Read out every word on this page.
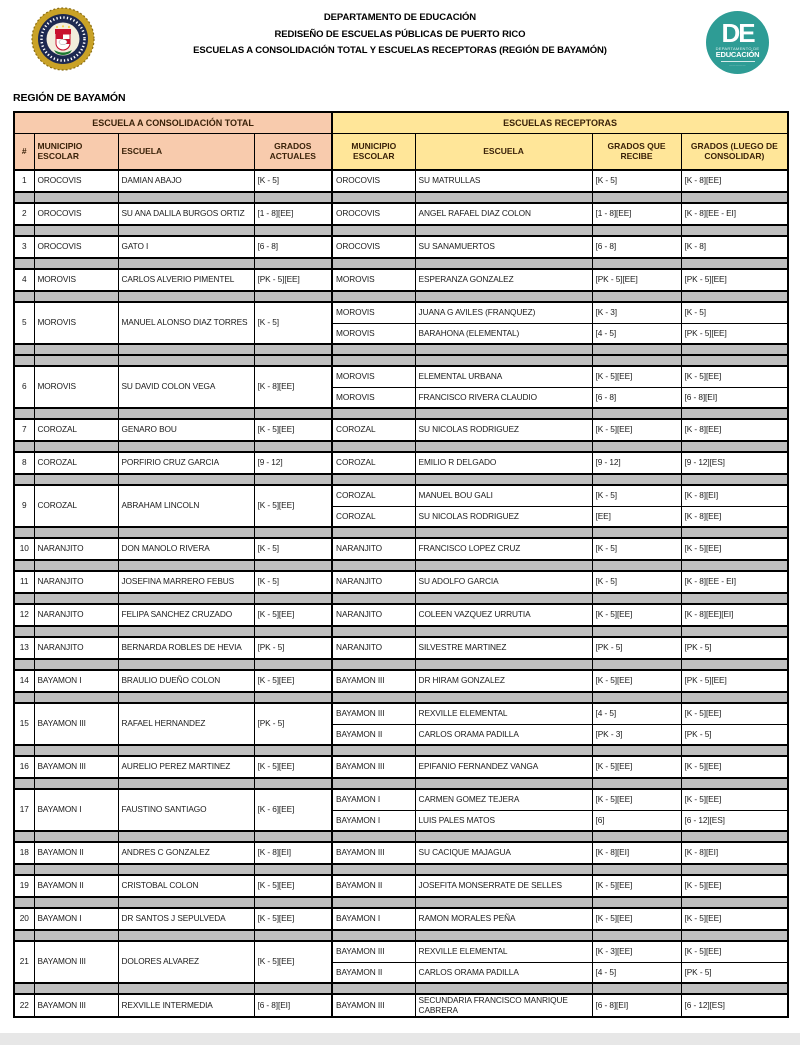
DEPARTAMENTO DE EDUCACIÓN
REDISEÑO DE ESCUELAS PÚBLICAS DE PUERTO RICO
ESCUELAS A CONSOLIDACIÓN TOTAL Y ESCUELAS RECEPTORAS (REGIÓN DE BAYAMÓN)
DE
DEPARTAMENTO DE
EDUCACIÓN
―――――
REGIÓN DE BAYAMÓN
ESCUELA A CONSOLIDACIÓN TOTAL				ESCUELAS RECEPTORAS			
#	MUNICIPIO ESCOLAR	ESCUELA	GRADOS ACTUALES	MUNICIPIO ESCOLAR	ESCUELA	GRADOS QUE RECIBE	GRADOS (LUEGO DE CONSOLIDAR)
1	OROCOVIS	DAMIAN ABAJO	[K - 5]	OROCOVIS	SU MATRULLAS	[K - 5]	[K - 8][EE]

2	OROCOVIS	SU ANA DALILA BURGOS ORTIZ	[1 - 8][EE]	OROCOVIS	ANGEL RAFAEL DIAZ COLON	[1 - 8][EE]	[K - 8][EE - EI]

3	OROCOVIS	GATO I	[6 - 8]	OROCOVIS	SU SANAMUERTOS	[6 - 8]	[K - 8]

4	MOROVIS	CARLOS ALVERIO PIMENTEL	[PK - 5][EE]	MOROVIS	ESPERANZA GONZALEZ	[PK - 5][EE]	[PK - 5][EE]

5	MOROVIS	MANUEL ALONSO DIAZ TORRES	[K - 5]	MOROVIS	JUANA G AVILES (FRANQUEZ)	[K - 3]	[K - 5]
				MOROVIS	BARAHONA (ELEMENTAL)	[4 - 5]	[PK - 5][EE]

6	MOROVIS	SU DAVID COLON VEGA	[K - 8][EE]	MOROVIS	ELEMENTAL URBANA	[K - 5][EE]	[K - 5][EE]
				MOROVIS	FRANCISCO RIVERA CLAUDIO	[6 - 8]	[6 - 8][EI]

7	COROZAL	GENARO BOU	[K - 5][EE]	COROZAL	SU NICOLAS RODRIGUEZ	[K - 5][EE]	[K - 8][EE]

8	COROZAL	PORFIRIO CRUZ GARCIA	[9 - 12]	COROZAL	EMILIO R DELGADO	[9 - 12]	[9 - 12][ES]

9	COROZAL	ABRAHAM LINCOLN	[K - 5][EE]	COROZAL	MANUEL BOU GALI	[K - 5]	[K - 8][EI]
				COROZAL	SU NICOLAS RODRIGUEZ	[EE]	[K - 8][EE]

10	NARANJITO	DON MANOLO RIVERA	[K - 5]	NARANJITO	FRANCISCO LOPEZ CRUZ	[K - 5]	[K - 5][EE]

11	NARANJITO	JOSEFINA MARRERO FEBUS	[K - 5]	NARANJITO	SU ADOLFO GARCIA	[K - 5]	[K - 8][EE - EI]

12	NARANJITO	FELIPA SANCHEZ CRUZADO	[K - 5][EE]	NARANJITO	COLEEN VAZQUEZ URRUTIA	[K - 5][EE]	[K - 8][EE][EI]

13	NARANJITO	BERNARDA ROBLES DE HEVIA	[PK - 5]	NARANJITO	SILVESTRE MARTINEZ	[PK - 5]	[PK - 5]

14	BAYAMON I	BRAULIO DUEÑO COLON	[K - 5][EE]	BAYAMON III	DR HIRAM GONZALEZ	[K - 5][EE]	[PK - 5][EE]

15	BAYAMON III	RAFAEL HERNANDEZ	[PK - 5]	BAYAMON III	REXVILLE ELEMENTAL	[4 - 5]	[K - 5][EE]
				BAYAMON II	CARLOS ORAMA PADILLA	[PK - 3]	[PK - 5]

16	BAYAMON III	AURELIO PEREZ MARTINEZ	[K - 5][EE]	BAYAMON III	EPIFANIO FERNANDEZ VANGA	[K - 5][EE]	[K - 5][EE]

17	BAYAMON I	FAUSTINO SANTIAGO	[K - 6][EE]	BAYAMON I	CARMEN GOMEZ TEJERA	[K - 5][EE]	[K - 5][EE]
				BAYAMON I	LUIS PALES MATOS	[6]	[6 - 12][ES]

18	BAYAMON II	ANDRES C GONZALEZ	[K - 8][EI]	BAYAMON III	SU CACIQUE MAJAGUA	[K - 8][EI]	[K - 8][EI]

19	BAYAMON II	CRISTOBAL COLON	[K - 5][EE]	BAYAMON II	JOSEFITA MONSERRATE DE SELLES	[K - 5][EE]	[K - 5][EE]

20	BAYAMON I	DR SANTOS J SEPULVEDA	[K - 5][EE]	BAYAMON I	RAMON MORALES PEÑA	[K - 5][EE]	[K - 5][EE]

21	BAYAMON III	DOLORES ALVAREZ	[K - 5][EE]	BAYAMON III	REXVILLE ELEMENTAL	[K - 3][EE]	[K - 5][EE]
				BAYAMON II	CARLOS ORAMA PADILLA	[4 - 5]	[PK - 5]

22	BAYAMON III	REXVILLE INTERMEDIA	[6 - 8][EI]	BAYAMON III	SECUNDARIA FRANCISCO MANRIQUE CABRERA	[6 - 8][EI]	[6 - 12][ES]
